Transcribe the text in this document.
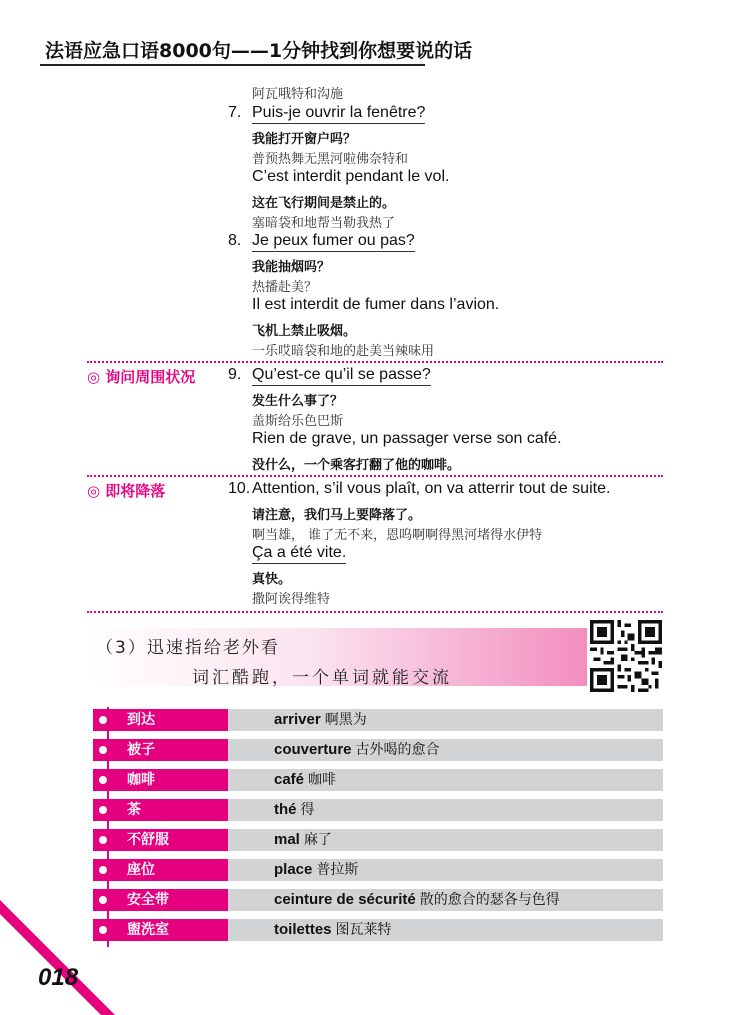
法语应急口语8000句——1分钟找到你想要说的话
阿瓦哦特和沟施
7. Puis-je ouvrir la fenêtre?
我能打开窗户吗？
普预热舞无黑河啦佛奈特和
C’est interdit pendant le vol.
这在飞行期间是禁止的。
塞暗袋和地帮当勒我热了
8. Je peux fumer ou pas?
我能抽烟吗？
热播赴美？
Il est interdit de fumer dans l’avion.
飞机上禁止吸烟。
一乐哎暗袋和地的赴美当辣味用
◎ 询问周围状况 9. Qu’est-ce qu’il se passe?
发生什么事了？
盖斯给乐色巴斯
Rien de grave, un passager verse son café.
没什么，一个乘客打翻了他的咖啡。
◎ 即将降落	10. Attention, s’il vous plaît, on va atterrir tout de suite.
请注意，我们马上要降落了。
啊当雄， 谁了无不来，恩呜啊啊得黑河堵得水伊特
Ça a été vite.
真快。
撒阿诶得维特
（3）迅速指给老外看
词汇酷跑，一个单词就能交流
到达	arriver 啊黑为
被子	couverture 古外喝的愈合
咖啡	café 咖啡
茶	thé 得
不舒服	mal 麻了
座位	place 普拉斯
安全带	ceinture de sécurité 散的愈合的瑟各与色得
盥洗室	toilettes 图瓦莱特
018
